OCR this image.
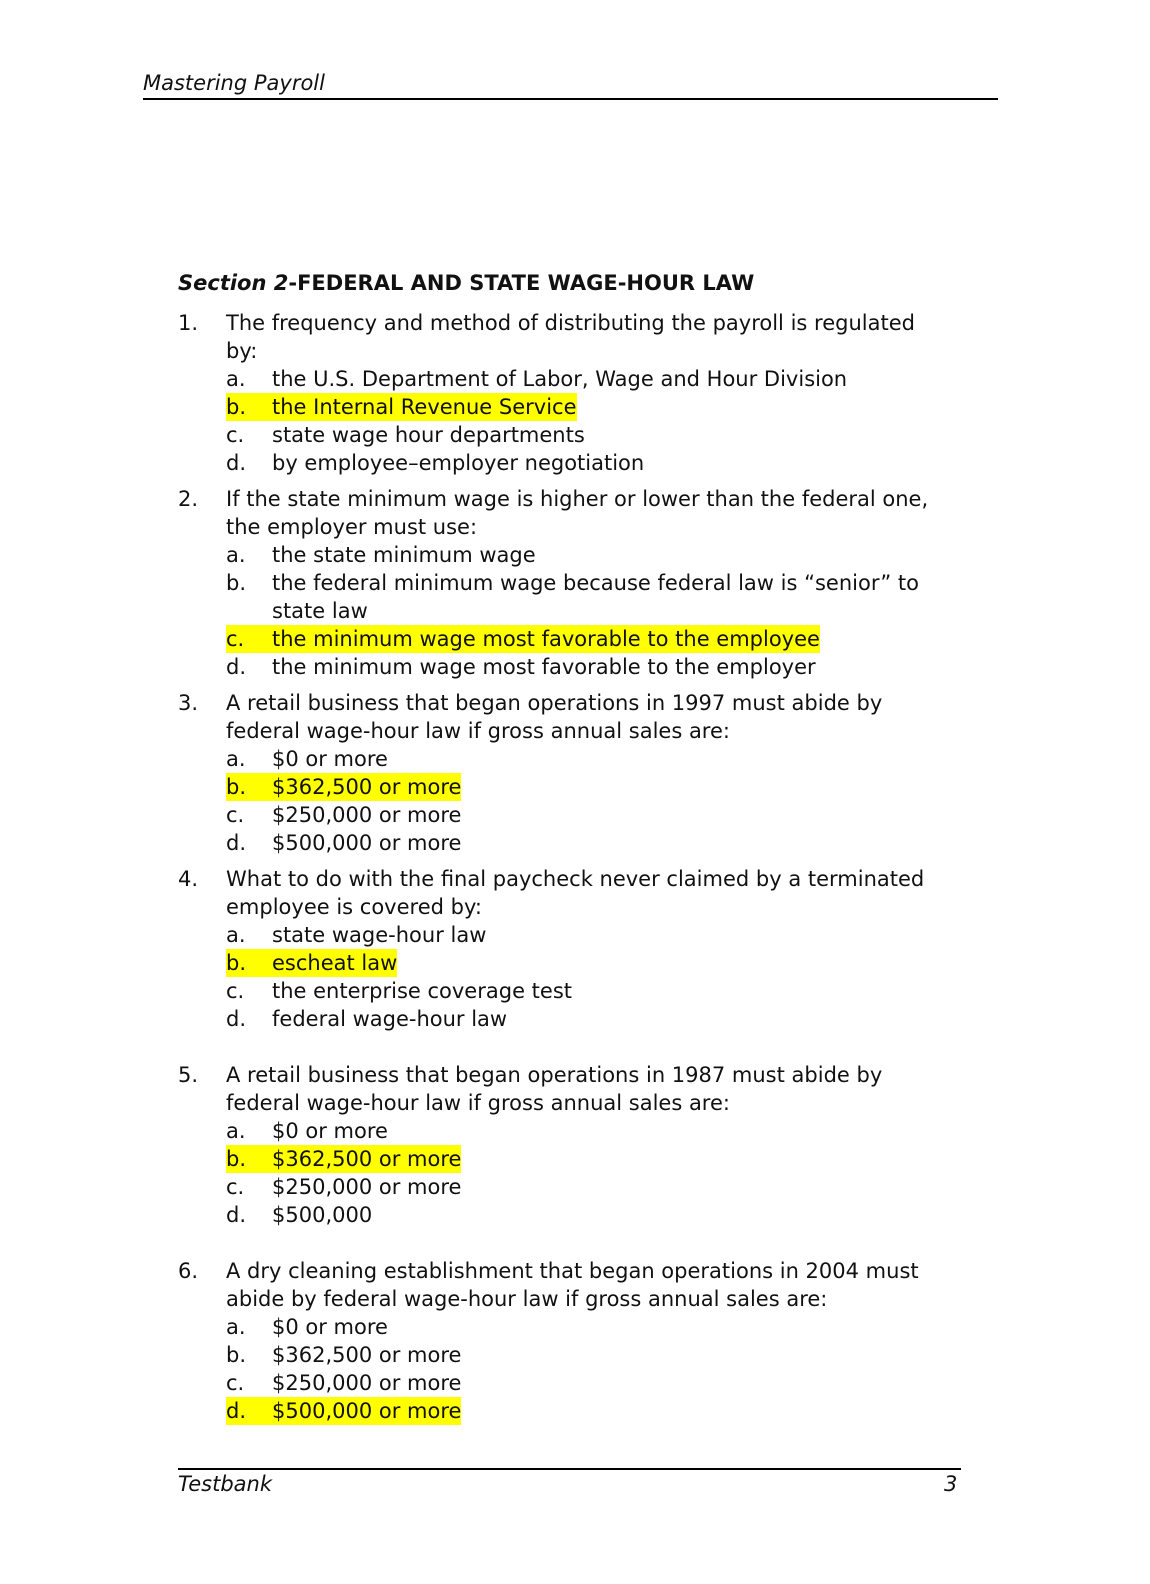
Mastering Payroll
Section 2-FEDERAL AND STATE WAGE-HOUR LAW
1.	The frequency and method of distributing the payroll is regulated by:
a.	the U.S. Department of Labor, Wage and Hour Division
b.	the Internal Revenue Service
c.	state wage hour departments
d.	by employee–employer negotiation
2.	If the state minimum wage is higher or lower than the federal one, the employer must use:
a.	the state minimum wage
b.	the federal minimum wage because federal law is “senior” to state law
c.	the minimum wage most favorable to the employee
d.	the minimum wage most favorable to the employer
3.	A retail business that began operations in 1997 must abide by federal wage-hour law if gross annual sales are:
a.	$0 or more
b.	$362,500 or more
c.	$250,000 or more
d.	$500,000 or more
4.	What to do with the final paycheck never claimed by a terminated employee is covered by:
a.	state wage-hour law
b.	escheat law
c.	the enterprise coverage test
d.	federal wage-hour law
5.	A retail business that began operations in 1987 must abide by federal wage-hour law if gross annual sales are:
a.	$0 or more
b.	$362,500 or more
c.	$250,000 or more
d.	$500,000
6.	A dry cleaning establishment that began operations in 2004 must abide by federal wage-hour law if gross annual sales are:
a.	$0 or more
b.	$362,500 or more
c.	$250,000 or more
d.	$500,000 or more
Testbank	3
